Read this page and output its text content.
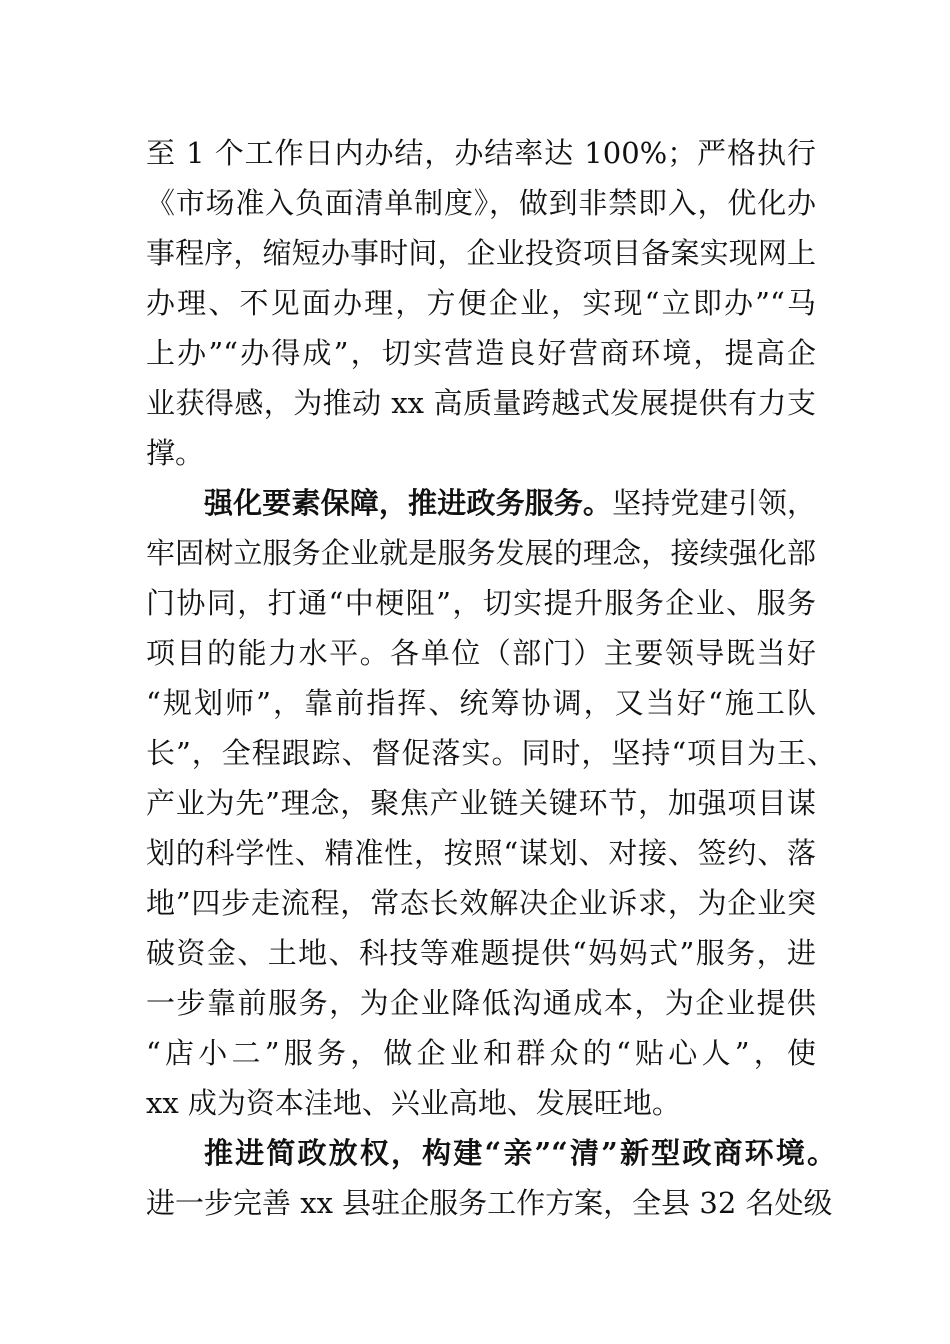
至 1 个工作日内办结，办结率达 100%；严格执行
《市场准入负面清单制度》，做到非禁即入，优化办
事程序，缩短办事时间，企业投资项目备案实现网上
办理、不见面办理，方便企业，实现“立即办”“马
上办”“办得成”，切实营造良好营商环境，提高企
业获得感，为推动 xx 高质量跨越式发展提供有力支
撑。
强化要素保障，推进政务服务。坚持党建引领，
牢固树立服务企业就是服务发展的理念，接续强化部
门协同，打通“中梗阻”，切实提升服务企业、服务
项目的能力水平。各单位（部门）主要领导既当好
“规划师”，靠前指挥、统筹协调，又当好“施工队
长”，全程跟踪、督促落实。同时，坚持“项目为王、
产业为先”理念，聚焦产业链关键环节，加强项目谋
划的科学性、精准性，按照“谋划、对接、签约、落
地”四步走流程，常态长效解决企业诉求，为企业突
破资金、土地、科技等难题提供“妈妈式”服务，进
一步靠前服务，为企业降低沟通成本，为企业提供
“店小二”服务，做企业和群众的“贴心人”，使
xx 成为资本洼地、兴业高地、发展旺地。
推进简政放权，构建“亲”“清”新型政商环境。
进一步完善 xx 县驻企服务工作方案，全县 32 名处级
